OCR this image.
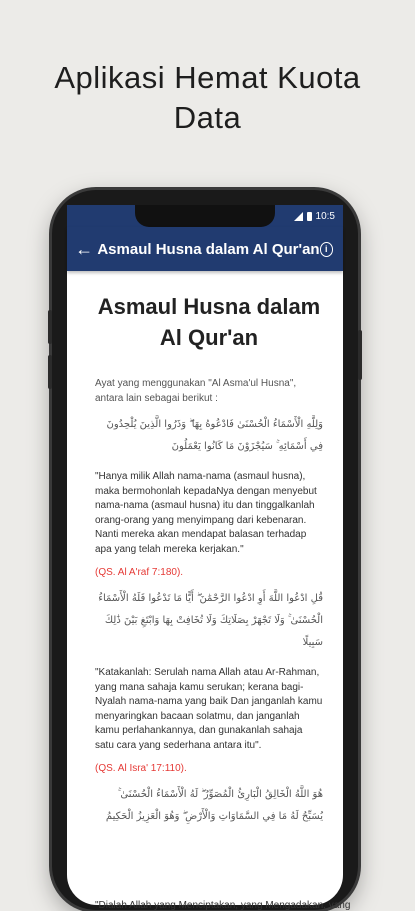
Aplikasi Hemat Kuota
Data
10:5
← Asmaul Husna dalam Al Qur'an i
Asmaul Husna dalam Al Qur'an

Ayat yang menggunakan "Al Asma'ul Husna", antara lain sebagai berikut :

وَلِلَّهِ الْأَسْمَاءُ الْحُسْنَىٰ فَادْعُوهُ بِهَا ۖ وَذَرُوا الَّذِينَ يُلْحِدُونَ فِي أَسْمَائِهِ ۚ سَيُجْزَوْنَ مَا كَانُوا يَعْمَلُونَ

"Hanya milik Allah nama-nama (asmaul husna), maka bermohonlah kepadaNya dengan menyebut nama-nama (asmaul husna) itu dan tinggalkanlah orang-orang yang menyimpang dari kebenaran. Nanti mereka akan mendapat balasan terhadap apa yang telah mereka kerjakan."

(QS. Al A'raf 7:180).

قُلِ ادْعُوا اللَّهَ أَوِ ادْعُوا الرَّحْمَٰنَ ۖ أَيًّا مَا تَدْعُوا فَلَهُ الْأَسْمَاءُ الْحُسْنَىٰ ۚ وَلَا تَجْهَرْ بِصَلَاتِكَ وَلَا تُخَافِتْ بِهَا وَابْتَغِ بَيْنَ ذَٰلِكَ سَبِيلًا

"Katakanlah: Serulah nama Allah atau Ar-Rahman, yang mana sahaja kamu serukan; kerana bagi-Nyalah nama-nama yang baik Dan janganlah kamu menyaringkan bacaan solatmu, dan janganlah kamu perlahankannya, dan gunakanlah sahaja satu cara yang sederhana antara itu".

(QS. Al Isra' 17:110).

هُوَ اللَّهُ الْخَالِقُ الْبَارِئُ الْمُصَوِّرُ ۖ لَهُ الْأَسْمَاءُ الْحُسْنَىٰ ۚ يُسَبِّحُ لَهُ مَا فِي السَّمَاوَاتِ وَالْأَرْضِ ۖ وَهُوَ الْعَزِيزُ الْحَكِيمُ

"Dialah Allah yang Menciptakan, yang Mengadakan, yang
